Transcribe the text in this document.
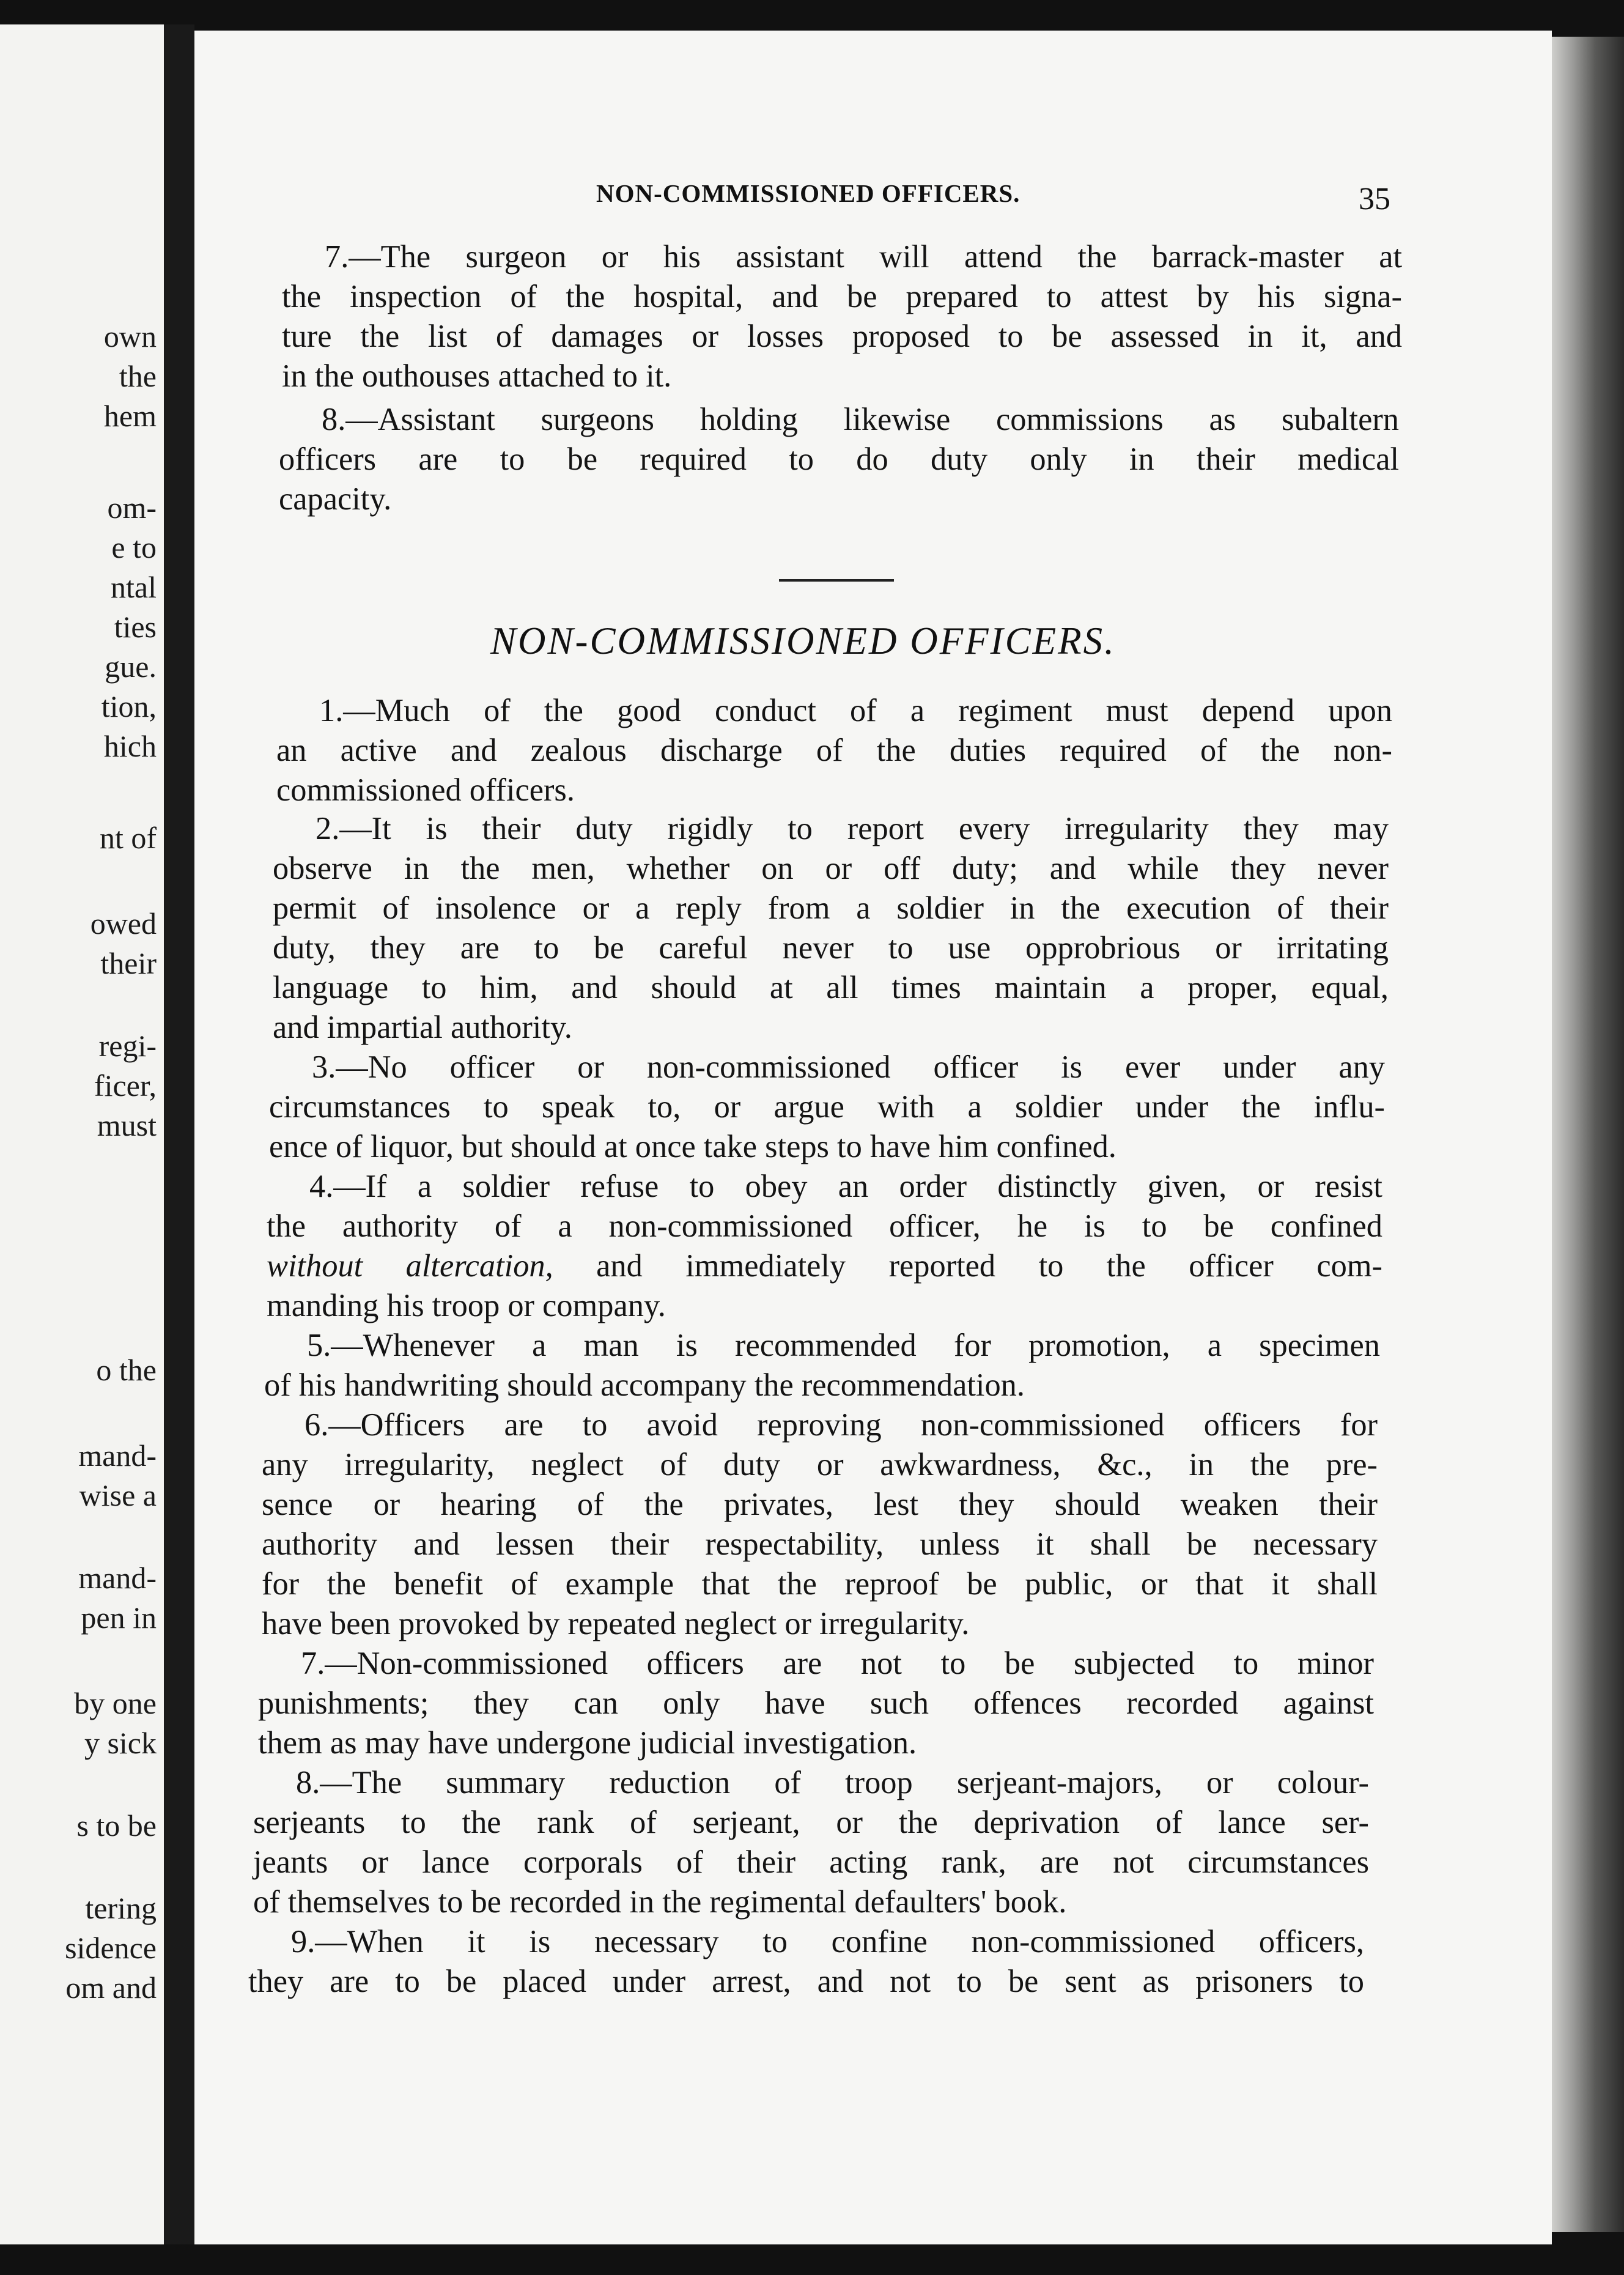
own

the

hem

om-

e to

ntal

ties

gue.

tion,

hich

nt of

owed

their

regi-

ficer,

must

o the

mand-

wise a

mand-

pen in

by one

y sick

s to be

tering

sidence

om and

NON-COMMISSIONED OFFICERS.	35

7.—The surgeon or his assistant will attend the barrack-master at
the inspection of the hospital, and be prepared to attest by his signa-
ture the list of damages or losses proposed to be assessed in it, and
in the outhouses attached to it.

8.—Assistant surgeons holding likewise commissions as subaltern
officers are to be required to do duty only in their medical
capacity.

NON-COMMISSIONED OFFICERS.

1.—Much of the good conduct of a regiment must depend upon
an active and zealous discharge of the duties required of the non-
commissioned officers.

2.—It is their duty rigidly to report every irregularity they may
observe in the men, whether on or off duty; and while they never
permit of insolence or a reply from a soldier in the execution of their
duty, they are to be careful never to use opprobrious or irritating
language to him, and should at all times maintain a proper, equal,
and impartial authority.

3.—No officer or non-commissioned officer is ever under any
circumstances to speak to, or argue with a soldier under the influ-
ence of liquor, but should at once take steps to have him confined.

4.—If a soldier refuse to obey an order distinctly given, or resist
the authority of a non-commissioned officer, he is to be confined
without altercation, and immediately reported to the officer com-
manding his troop or company.

5.—Whenever a man is recommended for promotion, a specimen
of his handwriting should accompany the recommendation.

6.—Officers are to avoid reproving non-commissioned officers for
any irregularity, neglect of duty or awkwardness, &c., in the pre-
sence or hearing of the privates, lest they should weaken their
authority and lessen their respectability, unless it shall be necessary
for the benefit of example that the reproof be public, or that it shall
have been provoked by repeated neglect or irregularity.

7.—Non-commissioned officers are not to be subjected to minor
punishments; they can only have such offences recorded against
them as may have undergone judicial investigation.

8.—The summary reduction of troop serjeant-majors, or colour-
serjeants to the rank of serjeant, or the deprivation of lance ser-
jeants or lance corporals of their acting rank, are not circumstances
of themselves to be recorded in the regimental defaulters' book.

9.—When it is necessary to confine non-commissioned officers,
they are to be placed under arrest, and not to be sent as prisoners to
